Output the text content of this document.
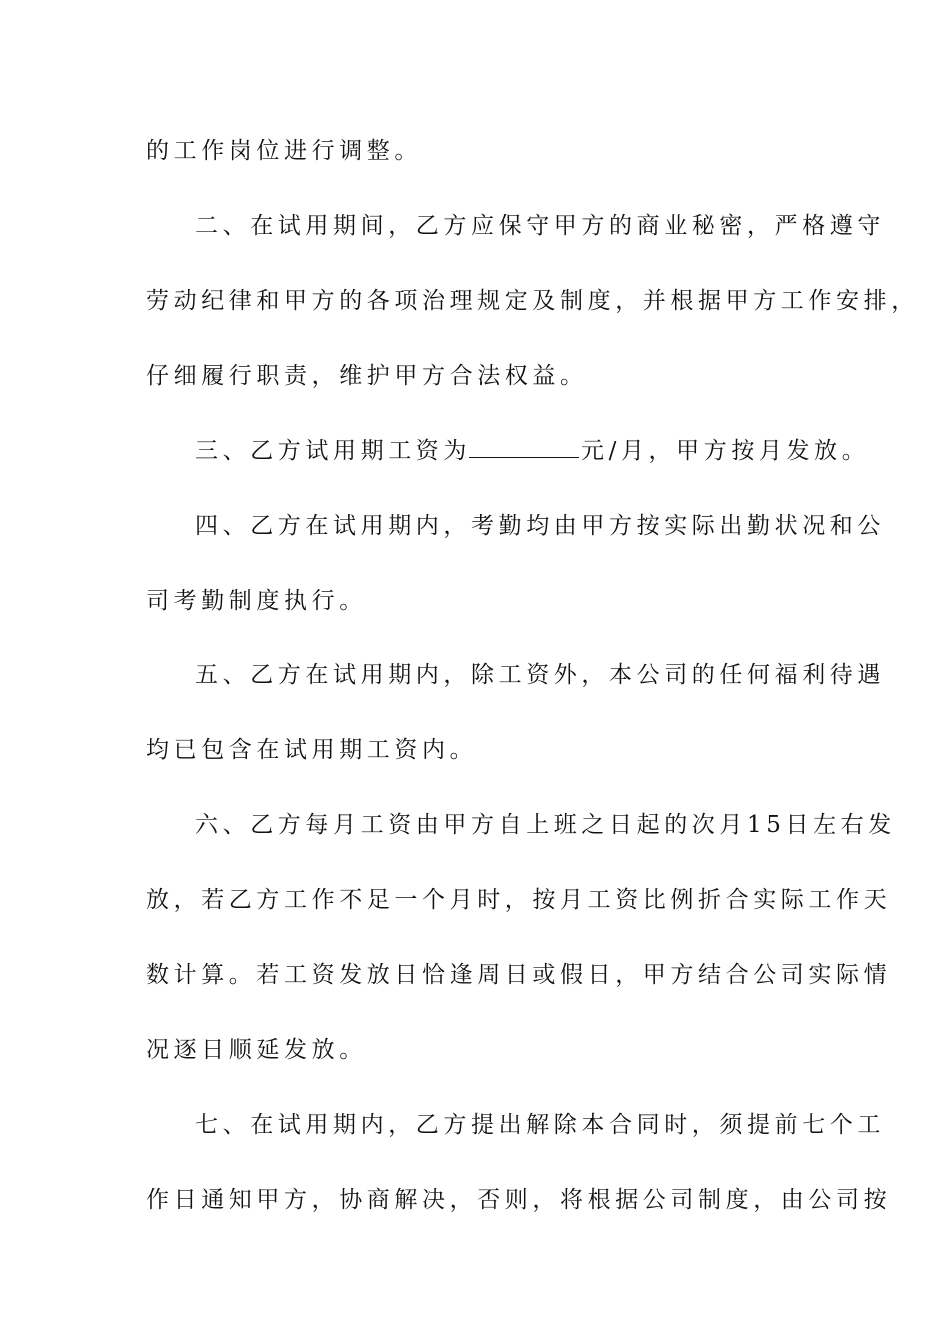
的工作岗位进行调整。
二、在试用期间，乙方应保守甲方的商业秘密，严格遵守
劳动纪律和甲方的各项治理规定及制度，并根据甲方工作安排，
仔细履行职责，维护甲方合法权益。
三、乙方试用期工资为	元/月，甲方按月发放。
四、乙方在试用期内，考勤均由甲方按实际出勤状况和公
司考勤制度执行。
五、乙方在试用期内，除工资外，本公司的任何福利待遇
均已包含在试用期工资内。
六、乙方每月工资由甲方自上班之日起的次月15日左右发
放，若乙方工作不足一个月时，按月工资比例折合实际工作天
数计算。若工资发放日恰逢周日或假日，甲方结合公司实际情
况逐日顺延发放。
七、在试用期内，乙方提出解除本合同时，须提前七个工
作日通知甲方，协商解决，否则，将根据公司制度，由公司按
